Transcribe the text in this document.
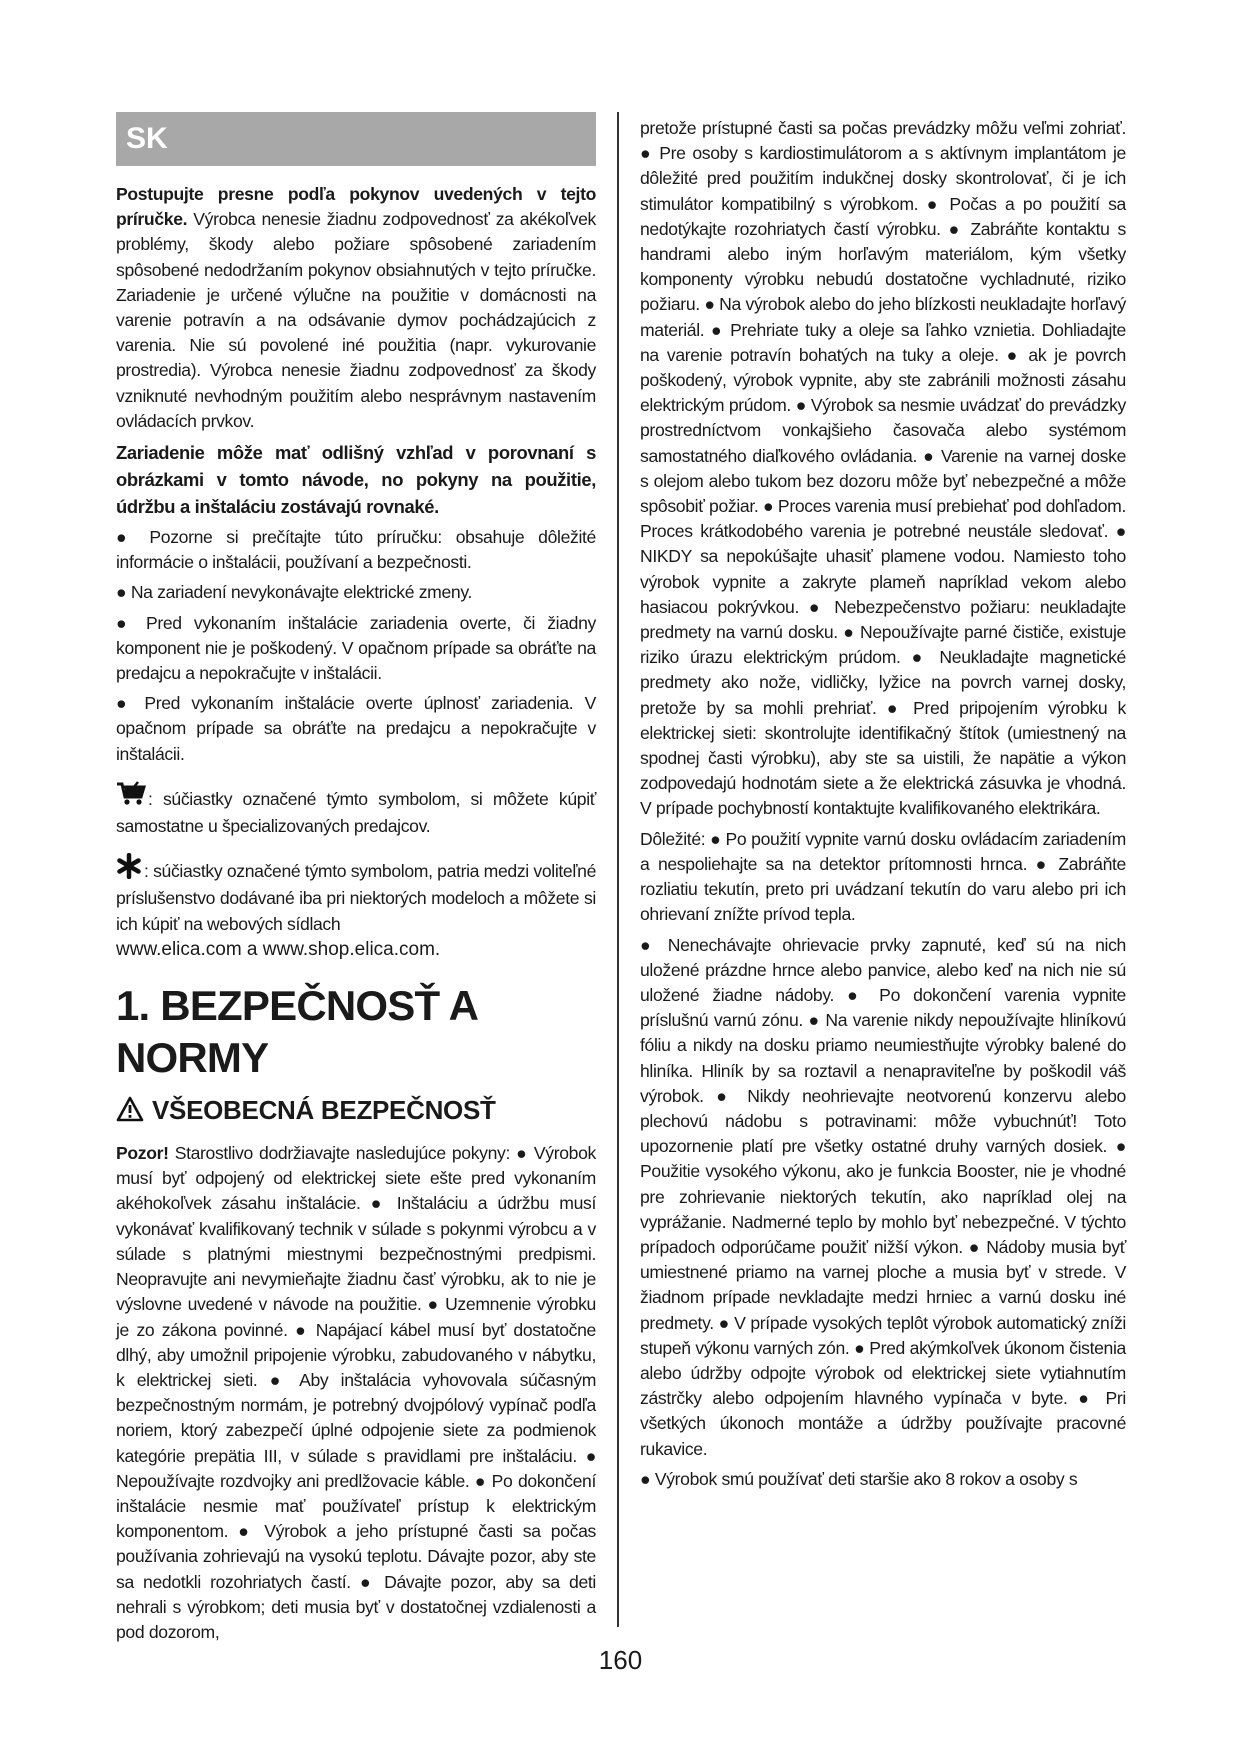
SK

Postupujte presne podľa pokynov uvedených v tejto príručke. Výrobca nenesie žiadnu zodpovednosť za akékoľvek problémy, škody alebo požiare spôsobené zariadením spôsobené nedodržaním pokynov obsiahnutých v tejto príručke. Zariadenie je určené výlučne na použitie v domácnosti na varenie potravín a na odsávanie dymov pochádzajúcich z varenia. Nie sú povolené iné použitia (napr. vykurovanie prostredia). Výrobca nenesie žiadnu zodpovednosť za škody vzniknuté nevhodným použitím alebo nesprávnym nastavením ovládacích prvkov.

Zariadenie môže mať odlišný vzhľad v porovnaní s obrázkami v tomto návode, no pokyny na použitie, údržbu a inštaláciu zostávajú rovnaké.

● Pozorne si prečítajte túto príručku: obsahuje dôležité informácie o inštalácii, používaní a bezpečnosti.

● Na zariadení nevykonávajte elektrické zmeny.

● Pred vykonaním inštalácie zariadenia overte, či žiadny komponent nie je poškodený. V opačnom prípade sa obráťte na predajcu a nepokračujte v inštalácii.

● Pred vykonaním inštalácie overte úplnosť zariadenia. V opačnom prípade sa obráťte na predajcu a nepokračujte v inštalácii.

: súčiastky označené týmto symbolom, si môžete kúpiť samostatne u špecializovaných predajcov.

: súčiastky označené týmto symbolom, patria medzi voliteľné príslušenstvo dodávané iba pri niektorých modeloch a môžete si ich kúpiť na webových sídlach
www.elica.com a www.shop.elica.com.

1. BEZPEČNOSŤ A NORMY
VŠEOBECNÁ BEZPEČNOSŤ

Pozor! Starostlivo dodržiavajte nasledujúce pokyny: ● Výrobok musí byť odpojený od elektrickej siete ešte pred vykonaním akéhokoľvek zásahu inštalácie. ● Inštaláciu a údržbu musí vykonávať kvalifikovaný technik v súlade s pokynmi výrobcu a v súlade s platnými miestnymi bezpečnostnými predpismi. Neopravujte ani nevymieňajte žiadnu časť výrobku, ak to nie je výslovne uvedené v návode na použitie. ● Uzemnenie výrobku je zo zákona povinné. ● Napájací kábel musí byť dostatočne dlhý, aby umožnil pripojenie výrobku, zabudovaného v nábytku, k elektrickej sieti. ● Aby inštalácia vyhovovala súčasným bezpečnostným normám, je potrebný dvojpólový vypínač podľa noriem, ktorý zabezpečí úplné odpojenie siete za podmienok kategórie prepätia III, v súlade s pravidlami pre inštaláciu. ● Nepoužívajte rozdvojky ani predlžovacie káble. ● Po dokončení inštalácie nesmie mať používateľ prístup k elektrickým komponentom. ● Výrobok a jeho prístupné časti sa počas používania zohrievajú na vysokú teplotu. Dávajte pozor, aby ste sa nedotkli rozohriatych častí. ● Dávajte pozor, aby sa deti nehrali s výrobkom; deti musia byť v dostatočnej vzdialenosti a pod dozorom,

pretože prístupné časti sa počas prevádzky môžu veľmi zohriať. ● Pre osoby s kardiostimulátorom a s aktívnym implantátom je dôležité pred použitím indukčnej dosky skontrolovať, či je ich stimulátor kompatibilný s výrobkom. ● Počas a po použití sa nedotýkajte rozohriatych častí výrobku. ● Zabráňte kontaktu s handrami alebo iným horľavým materiálom, kým všetky komponenty výrobku nebudú dostatočne vychladnuté, riziko požiaru. ● Na výrobok alebo do jeho blízkosti neukladajte horľavý materiál. ● Prehriate tuky a oleje sa ľahko vznietia. Dohliadajte na varenie potravín bohatých na tuky a oleje. ● ak je povrch poškodený, výrobok vypnite, aby ste zabránili možnosti zásahu elektrickým prúdom. ● Výrobok sa nesmie uvádzať do prevádzky prostredníctvom vonkajšieho časovača alebo systémom samostatného diaľkového ovládania. ● Varenie na varnej doske s olejom alebo tukom bez dozoru môže byť nebezpečné a môže spôsobiť požiar. ● Proces varenia musí prebiehať pod dohľadom. Proces krátkodobého varenia je potrebné neustále sledovať. ● NIKDY sa nepokúšajte uhasiť plamene vodou. Namiesto toho výrobok vypnite a zakryte plameň napríklad vekom alebo hasiacou pokrývkou. ● Nebezpečenstvo požiaru: neukladajte predmety na varnú dosku. ● Nepoužívajte parné čističe, existuje riziko úrazu elektrickým prúdom. ● Neukladajte magnetické predmety ako nože, vidličky, lyžice na povrch varnej dosky, pretože by sa mohli prehriať. ● Pred pripojením výrobku k elektrickej sieti: skontrolujte identifikačný štítok (umiestnený na spodnej časti výrobku), aby ste sa uistili, že napätie a výkon zodpovedajú hodnotám siete a že elektrická zásuvka je vhodná. V prípade pochybností kontaktujte kvalifikovaného elektrikára.

Dôležité: ● Po použití vypnite varnú dosku ovládacím zariadením a nespoliehajte sa na detektor prítomnosti hrnca. ● Zabráňte rozliatiu tekutín, preto pri uvádzaní tekutín do varu alebo pri ich ohrievaní znížte prívod tepla.

● Nenechávajte ohrievacie prvky zapnuté, keď sú na nich uložené prázdne hrnce alebo panvice, alebo keď na nich nie sú uložené žiadne nádoby. ● Po dokončení varenia vypnite príslušnú varnú zónu. ● Na varenie nikdy nepoužívajte hliníkovú fóliu a nikdy na dosku priamo neumiestňujte výrobky balené do hliníka. Hliník by sa roztavil a nenapraviteľne by poškodil váš výrobok. ● Nikdy neohrievajte neotvorenú konzervu alebo plechovú nádobu s potravinami: môže vybuchnúť! Toto upozornenie platí pre všetky ostatné druhy varných dosiek. ● Použitie vysokého výkonu, ako je funkcia Booster, nie je vhodné pre zohrievanie niektorých tekutín, ako napríklad olej na vyprážanie. Nadmerné teplo by mohlo byť nebezpečné. V týchto prípadoch odporúčame použiť nižší výkon. ● Nádoby musia byť umiestnené priamo na varnej ploche a musia byť v strede. V žiadnom prípade nevkladajte medzi hrniec a varnú dosku iné predmety. ● V prípade vysokých teplôt výrobok automatický zníži stupeň výkonu varných zón. ● Pred akýmkoľvek úkonom čistenia alebo údržby odpojte výrobok od elektrickej siete vytiahnutím zástrčky alebo odpojením hlavného vypínača v byte. ● Pri všetkých úkonoch montáže a údržby používajte pracovné rukavice.

● Výrobok smú používať deti staršie ako 8 rokov a osoby s

160
